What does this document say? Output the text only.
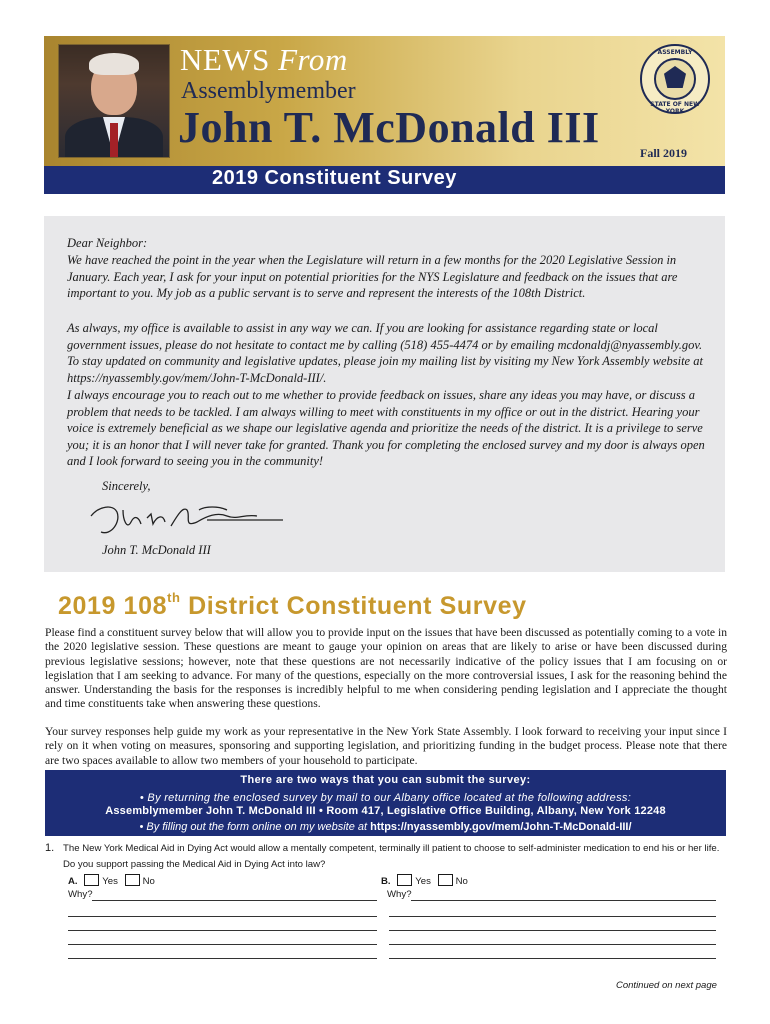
NEWS From
Assemblymember
John T. McDonald III
Fall 2019
ASSEMBLY
STATE OF NEW YORK
2019 Constituent Survey

Dear Neighbor:

We have reached the point in the year when the Legislature will return in a few months for the 2020 Legislative Session in January. Each year, I ask for your input on potential priorities for the NYS Legislature and feedback on the issues that are important to you. My job as a public servant is to serve and represent the interests of the 108th District.

As always, my office is available to assist in any way we can. If you are looking for assistance regarding state or local government issues, please do not hesitate to contact me by calling (518) 455-4474 or by emailing mcdonaldj@nyassembly.gov. To stay updated on community and legislative updates, please join my mailing list by visiting my New York Assembly website at https://nyassembly.gov/mem/John-T-McDonald-III/.

I always encourage you to reach out to me whether to provide feedback on issues, share any ideas you may have, or discuss a problem that needs to be tackled. I am always willing to meet with constituents in my office or out in the district. Hearing your voice is extremely beneficial as we shape our legislative agenda and prioritize the needs of the district. It is a privilege to serve you; it is an honor that I will never take for granted. Thank you for completing the enclosed survey and my door is always open and I look forward to seeing you in the community!

Sincerely,

John T. McDonald III

2019 108th District Constituent Survey

Please find a constituent survey below that will allow you to provide input on the issues that have been discussed as potentially coming to a vote in the 2020 legislative session. These questions are meant to gauge your opinion on areas that are likely to arise or have been discussed during previous legislative sessions; however, note that these questions are not necessarily indicative of the policy issues that I am focusing on or legislation that I am seeking to advance. For many of the questions, especially on the more controversial issues, I ask for the reasoning behind the answer. Understanding the basis for the responses is incredibly helpful to me when considering pending legislation and I appreciate the thought and time constituents take when answering these questions.

Your survey responses help guide my work as your representative in the New York State Assembly. I look forward to receiving your input since I rely on it when voting on measures, sponsoring and supporting legislation, and prioritizing funding in the budget process. Please note that there are two spaces available to allow two members of your household to participate.

There are two ways that you can submit the survey:
• By returning the enclosed survey by mail to our Albany office located at the following address:
Assemblymember John T. McDonald III • Room 417, Legislative Office Building, Albany, New York 12248
• By filling out the form online on my website at https://nyassembly.gov/mem/John-T-McDonald-III/
1. The New York Medical Aid in Dying Act would allow a mentally competent, terminally ill patient to choose to self-administer medication to end his or her life. Do you support passing the Medical Aid in Dying Act into law?

A.	Yes	No
Why?
B.	Yes	No
Why?
Continued on next page
